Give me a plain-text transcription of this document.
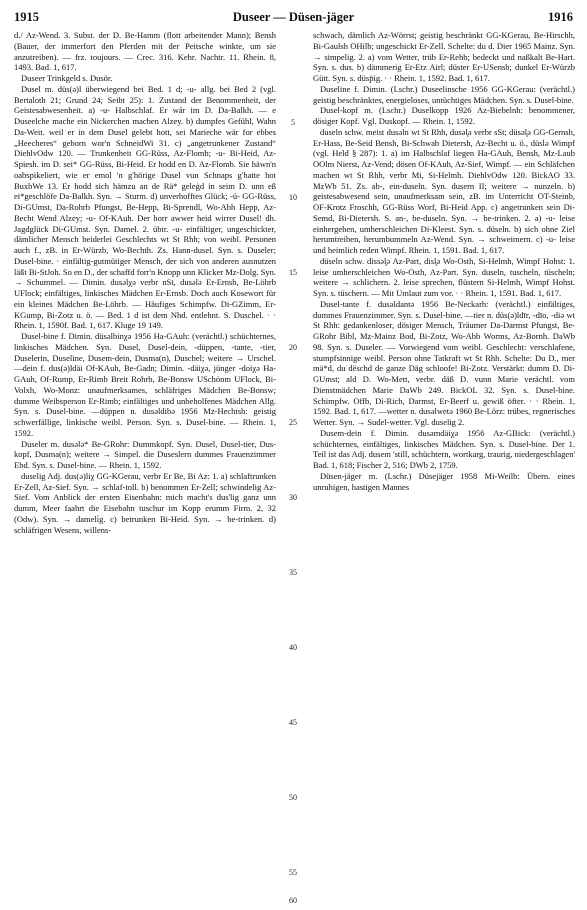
1915	Duseer — Düsen-jäger	1916

d./ Az-Wend. 3. Subst. der D. Be-Hamm (flott arbeitender Mann); Bensh (Bauer, der immerfort den Pferden mit der Peitsche winkte, um sie anzutreiben). — frz. toujours. — Crec. 316. Kehr. Nachtr. 11. Rhein. 8, 1493. Bad. 1, 617.

Duseer Trinkgeld s. Dusör.

Dusel m. düs(ə)l überwiegend bei Bed. 1 d; -u- allg. bei Bed 2 (vgl. Bertaloth 21; Grund 24; Seibt 25): 1. Zustand der Benommenheit, der Geistesabwesenheit. a) -u- Halbschlaf. Er wår im D. Da-Balkh. — e Duseelche mache ein Nickerchen machen Alzey. b) dumpfes Gefühl, Wahn Da-Weit. weil er in dem Dusel gelebt hott, sei Marieche wär for ebbes „Heecheres“ geborn wor'n SchneidWi 31. c) „angetrunkener Zustand“ DiehlvOdw 120. — Trunkenheit GG-Rüss, Az-Flomb; -u- Bi-Heid, Az-Spiesh. im D. sei* GG-Rüss, Bi-Heid. Er hodd en D. Az-Flomb. Sie häwn'n oabspikeliert, wie er emol 'n g'hörige Dusel vun Schnaps g'hatte hot BuxbWe 13. Er hodd sich hämzu an de Rä* geleġd in seim D. unn eß ei*geschlöfe Da-Balkh. Syn. → Sturm. d) unverhofftes Glück; -ü- GG-Rüss, Di-GUmst, Da-Rohrb Pfungst, Be-Hepp, Bi-Sprendl, Wo-Abh Hepp, Az-Becht Wend Alzey; -u- Of-KAuh. Der horr awwer heid wirrer Dusel! dh. Jagdglück Di-GUmst. Syn. Dameł. 2. übtr. -u- einfältiger, ungeschickter, dämlicher Mensch beiderlei Geschlechts wt St Rhh; von weibl. Personen auch f., zB. in Er-Würzb, Wo-Bechth. Zs. Hann-dusel. Syn. s. Duseler; Dusel-bine. · einfältig-gutmütiger Mensch, der sich von anderen ausnutzen läßt Bi-StJoh. So en D., der schaffd forr'n Knopp unn Klicker Mz-Dolg. Syn. → Schummel. — Dimin. dusəlχə verbr nSt, dusələ Er-Ernsb, Be-Löhrb UFlock; einfältiges, linkisches Mädchen Er-Ernsb. Doch auch Kosewort für ein kleines Mädchen Be-Löhrb. — Häufiges Schimpfw. Di-GZimm, Er-KGump, Bi-Zotz u. ö. — Bed. 1 d ist dem Nhd. entlehnt. S. Duschel. · · Rhein. 1, 1590f. Bad. 1, 617. Kluge 19 149.

Dusel-bine f. Dimin. düsəlbinχə 1956 Ha-GAuh: (verächtl.) schüchternes, linkisches Mädchen. Syn. Dusel, Dusel-dein, -düppen, -tante, -tier, Duselerin, Duseline, Dusem-dein, Dusma(n), Duschel; weitere → Urschel. —dein f. dus(ə)ldäi Of-KAuh, Be-Gadn; Dimin. -däiχə, jünger -doiχə Ha-GAuh, Of-Rump, Er-Rimb Breit Rohrb, Be-Bonsw USchönm UFlock, Bi-Volxh, Wo-Monz: unaufmerksames, schläfriges Mädchen Be-Bonsw; dumme Weibsperson Er-Rimb; einfältiges und unbeholfenes Mädchen Allg. Syn. s. Dusel-bine. —düppen n. dusəldibə 1956 Mz-Hechtsh: geistig schwerfällige, linkische weibl. Person. Syn. s. Dusel-bine. — Rhein. 1, 1592.

Duseler m. dusələ* Be-GRohr: Dummkopf. Syn. Dusel, Dusel-tier, Dus-kopf, Dusma(n); weitere → Simpel. die Duseslern dummes Frauenzimmer Ebd. Syn. s. Dusel-bine. — Rhein. 1, 1592.

duselig Adj. dus(ə)liχ GG-KGerau, verbr Er Be, Bi Az: 1. a) schlaftrunken Er-Zell, Az-Sief. Syn. → schlaf-toll. b) benommen Er-Zell; schwindelig Az-Sief. Vom Anblick der ersten Eisenbahn: mich macht's dus'lig ganz unn dumm, Meer faahrt die Eisebahn tuschur im Kopp erumm Firm. 2, 32 (Odw). Syn. → dameli̇g. c) betrunken Bi-Heid. Syn. → be-trinken. d) schläfrigen Wesens, willens-

5
10
15
20
25
30
35
40
45
50
55
60

schwach, dämlich Az-Wörrst; geistig beschränkt GG-KGerau, Be-Hirschh, Bi-Gaulsh OHilb; ungeschickt Er-Zell. Schelte: du d. Dier 1965 Mainz. Syn. → simpelig. 2. a) vom Wetter, trüb Er-Rehb; bedeckt und naßkalt Be-Hart. Syn. s. dus. b) dämmerig Er-Etz Airl; düster Er-USensb; dunkel Er-Würzb Gütt. Syn. s. düsp̈ig. · · Rhein. 1, 1592. Bad. 1, 617.

Duseline f. Dimin. (Lschr.) Duseelinsche 1956 GG-KGerau: (verächtl.) geistig beschränktes, energieloses, untüchtiges Mädchen. Syn. s. Dusel-bine.

Dusel-kopf m. (Lschr.) Duselkopp 1926 Az-Biebelnh: benommener, dösiger Kopf. Vgl. Duskopf. — Rhein. 1, 1592.

duseln schw. meist dusəln wt St Rhh, dusəl̥ə verbr sSt; düsəl̥ə GG-Gernsh, Er-Hass, Be-Seid Bensh, Bi-Schwab Dietersh, Az-Becht u. ö., düslə Wimpf (vgl. Held § 287): 1. a) im Halbschlaf liegen Ha-GAuh, Bensh, Mz-Laub OOlm Nierst, Az-Vend; dösen Of-KAuh, Az-Sief, Wimpf. — ein Schläfchen machen wt St Rhh, verbr Mi, Si-Helmh. DiehlvOdw 120. BickAO 33. MzWb 51. Zs. ab-, ein-duseln. Syn. dusern II; weitere → nunzeln. b) geistesabwesend sein, unaufmerksam sein, zB. im Unterricht OT-Steinb, OF-Krotz Froschh, GG-Rüss Worf, Bi-Heid App. c) angetrunken sein Di-Semd, Bi-Dietersh. S. an-, be-duseln. Syn. → be-trinken. 2. a) -u- leise einhergehen, umherschleichen Di-Kleest. Syn. s. düseln. b) sich ohne Ziel herumtreiben, herumbummeln Az-Wend. Syn. → schweimern. c) -u- leise und heimlich reden Wimpf. Rhein. 1, 1591. Bad. 1, 617.

düseln schw. dissəl̥ə Az-Part, disl̥ə Wo-Osth, Si-Helmh, Wimpf Hohst: 1. leise umherschleichen Wo-Osth, Az-Part. Syn. duseln, tuscheln, tüscheln; weitere → schlichern. 2. leise sprechen, flüstern Si-Helmh, Wimpf Hohst. Syn. s. tüschern. — Mit Umlaut zum vor. · · Rhein. 1, 1591. Bad. 1, 617.

Dusel-tante f. dusəldantə 1956 Be-Neckarh: (verächtl.) einfältiges, dummes Frauenzimmer. Syn. s. Dusel-bine. —tier n. düs(ə)ldīr, -dīo, -diə wt St Rhh: gedankenloser, dösiger Mensch, Träumer Da-Darmst Pfungst, Be-GRohr Bibl, Mz-Mainz Bod, Bi-Zotz, Wo-Abb Worms, Az-Bornh. DaWb 98. Syn. s. Duseler. — Vorwiegend vom weibl. Geschlecht: verschlafene, stumpfsinnige weibl. Person ohne Tatkraft wt St Rhh. Schelte: Du D., mer mä*d, du dëschd de ganze Däg schloofe! Bi-Zotz. Verstärkt: dumm D. Di-GUmst; ald D. Wo-Mett, verbr. däß D. vunn Marie verächtl. vom Dienstmädchen Marie DaWb 249. BickOL 32. Syn. s. Dusel-bine. Schimpfw. Offb, Di-Rich, Darmst, Er-Beerf u. gewiß öfter. · · Rhein. 1, 1592. Bad. 1, 617. —wetter n. dusəlwetə 1960 Be-Lörz: trübes, regnerisches Wetter. Syn. → Sudel-wetter. Vgl. duselig 2.

Dusem-dein f. Dimin. dusəmdäiχə 1956 Az-GBick: (verächtl.) schüchternes, einfältiges, linkisches Mädchen. Syn. s. Dusel-bine. Der 1. Teil ist das Adj. dusem 'still, schüchtern, wortkarg, traurig, niedergeschlagen' Bad. 1, 618; Fischer 2, 516; DWb 2, 1759.

Düsen-jäger m. (Lschr.) Düsejäger 1958 Mi-Weilb: Übern. eines unruhigen, hastigen Mannes
